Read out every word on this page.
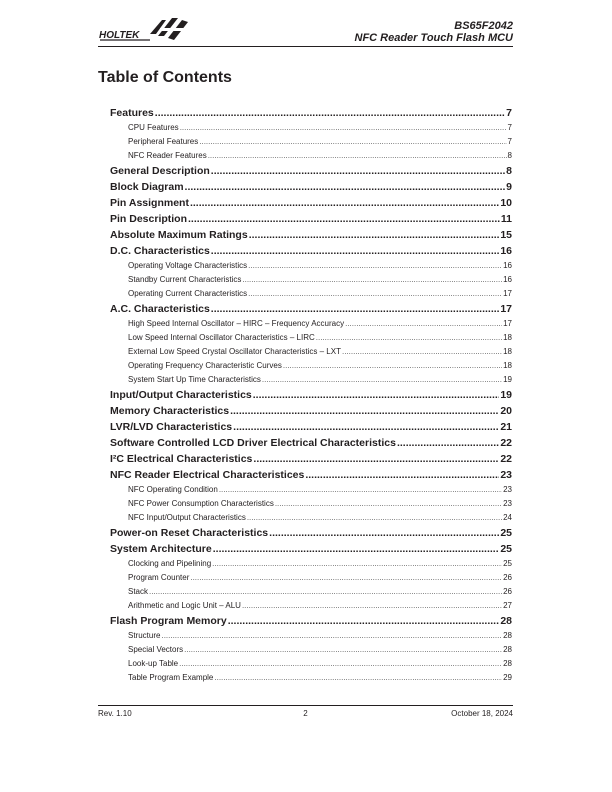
HOLTEK
BS65F2042
NFC Reader Touch Flash MCU
Table of Contents
Features .....	7
CPU Features .....	7
Peripheral Features .....	7
NFC Reader Features .....	8
General Description .....	8
Block Diagram .....	9
Pin Assignment .....	10
Pin Description .....	11
Absolute Maximum Ratings .....	15
D.C. Characteristics .....	16
Operating Voltage Characteristics .....	16
Standby Current Characteristics .....	16
Operating Current Characteristics .....	17
A.C. Characteristics .....	17
High Speed Internal Oscillator – HIRC – Frequency Accuracy .....	17
Low Speed Internal Oscillator Characteristics – LIRC .....	18
External Low Speed Crystal Oscillator Characteristics – LXT .....	18
Operating Frequency Characteristic Curves .....	18
System Start Up Time Characteristics .....	19
Input/Output Characteristics .....	19
Memory Characteristics .....	20
LVR/LVD Characteristics .....	21
Software Controlled LCD Driver Electrical Characteristics .....	22
I²C Electrical Characteristics .....	22
NFC Reader Electrical Characteristices .....	23
NFC Operating Condition .....	23
NFC Power Consumption Characteristics .....	23
NFC Input/Output Characteristics .....	24
Power-on Reset Characteristics .....	25
System Architecture .....	25
Clocking and Pipelining .....	25
Program Counter .....	26
Stack .....	26
Arithmetic and Logic Unit – ALU .....	27
Flash Program Memory .....	28
Structure .....	28
Special Vectors .....	28
Look-up Table .....	28
Table Program Example .....	29
Rev. 1.10	2	October 18, 2024
